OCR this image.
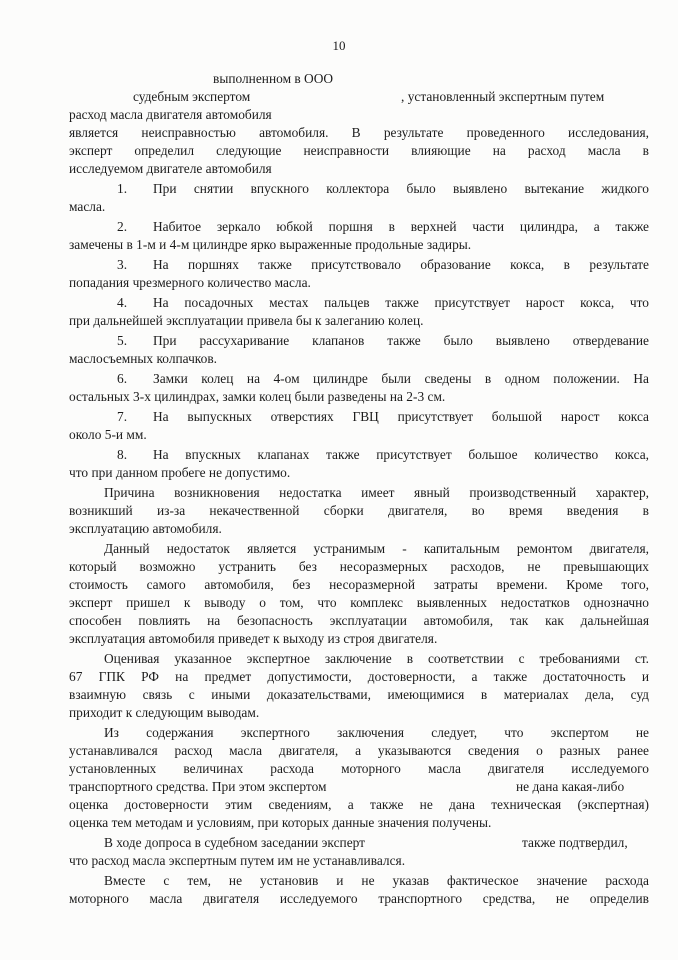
10
выполненном в ООО
судебным экспертом	, установленный экспертным путем
расход масла двигателя автомобиля
является неисправностью автомобиля. В результате проведенного исследования,
эксперт определил следующие неисправности влияющие на расход масла в
исследуемом двигателе автомобиля
1.	При снятии впускного коллектора было выявлено вытекание жидкого
масла.
2.	Набитое зеркало юбкой поршня в верхней части цилиндра, а также
замечены в 1-м и 4-м цилиндре ярко выраженные продольные задиры.
3.	На поршнях также присутствовало образование кокса, в результате
попадания чрезмерного количество масла.
4.	На посадочных местах пальцев также присутствует нарост кокса, что
при дальнейшей эксплуатации привела бы к залеганию колец.
5.	При рассухаривание клапанов также было выявлено отвердевание
маслосъемных колпачков.
6.	Замки колец на 4-ом цилиндре были сведены в одном положении. На
остальных 3-х цилиндрах, замки колец были разведены на 2-3 см.
7.	На выпускных отверстиях ГВЦ присутствует большой нарост кокса
около 5-и мм.
8.	На впускных клапанах также присутствует большое количество кокса,
что при данном пробеге не допустимо.
Причина возникновения недостатка имеет явный производственный характер,
возникший из-за некачественной сборки двигателя, во время введения в
эксплуатацию автомобиля.
Данный недостаток является устранимым - капитальным ремонтом двигателя,
который возможно устранить без несоразмерных расходов, не превышающих
стоимость самого автомобиля, без несоразмерной затраты времени. Кроме того,
эксперт пришел к выводу о том, что комплекс выявленных недостатков однозначно
способен повлиять на безопасность эксплуатации автомобиля, так как дальнейшая
эксплуатация автомобиля приведет к выходу из строя двигателя.
Оценивая указанное экспертное заключение в соответствии с требованиями ст.
67 ГПК РФ на предмет допустимости, достоверности, а также достаточность и
взаимную связь с иными доказательствами, имеющимися в материалах дела, суд
приходит к следующим выводам.
Из содержания экспертного заключения следует, что экспертом не
устанавливался расход масла двигателя, а указываются сведения о разных ранее
установленных величинах расхода моторного масла двигателя исследуемого
транспортного средства. При этом экспертом	не дана какая-либо
оценка достоверности этим сведениям, а также не дана техническая (экспертная)
оценка тем методам и условиям, при которых данные значения получены.
В ходе допроса в судебном заседании эксперт	также подтвердил,
что расход масла экспертным путем им не устанавливался.
Вместе с тем, не установив и не указав фактическое значение расхода
моторного масла двигателя исследуемого транспортного средства, не определив
